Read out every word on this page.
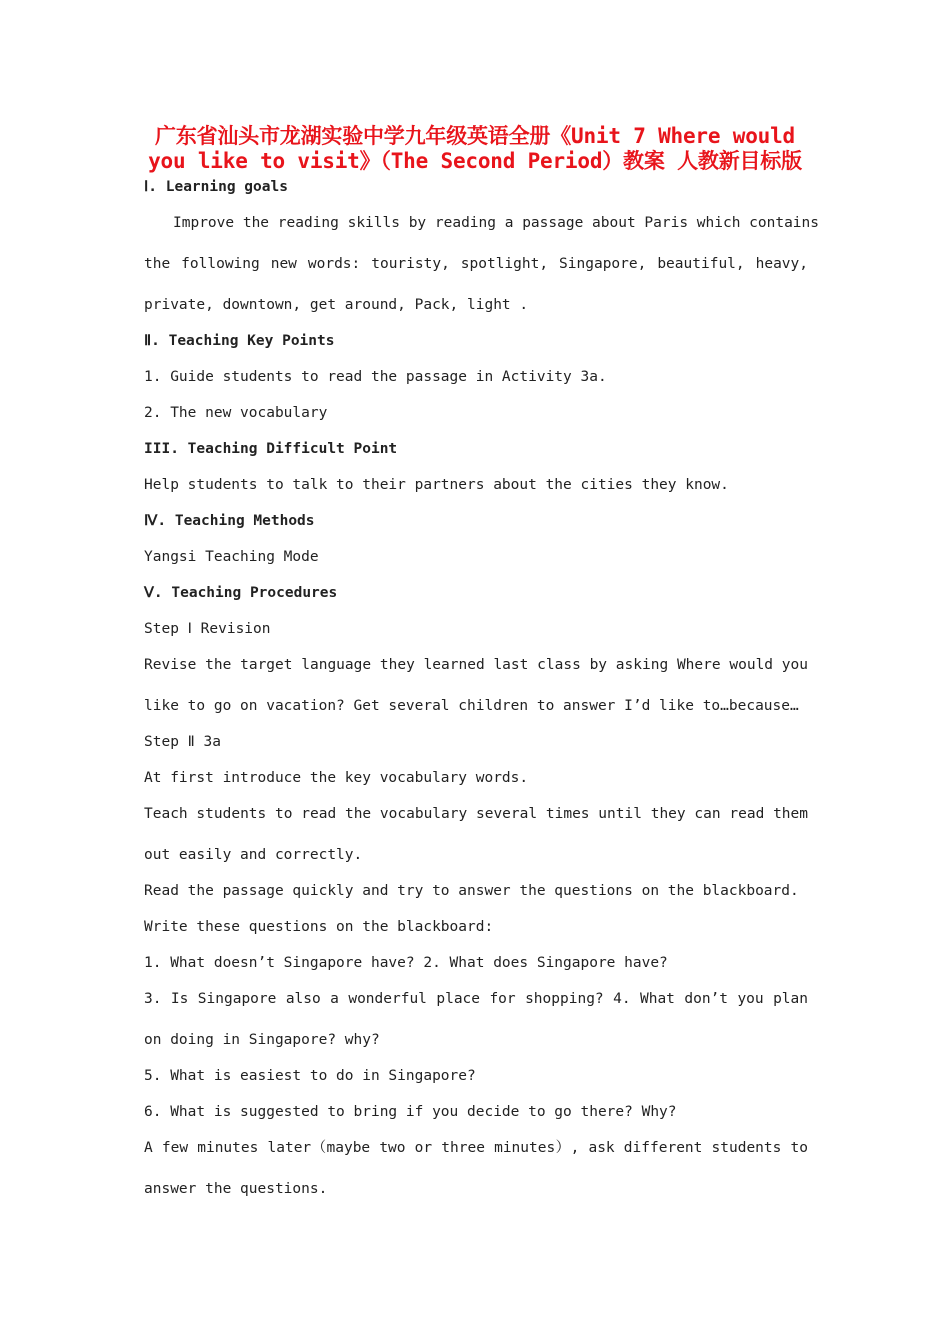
广东省汕头市龙湖实验中学九年级英语全册《Unit 7 Where would
you like to visit》（The Second Period）教案 人教新目标版
Ⅰ. Learning goals
Improve the reading skills by reading a passage about Paris which contains
the following new words: touristy, spotlight, Singapore, beautiful, heavy,
private, downtown, get around, Pack, light .
Ⅱ. Teaching Key Points
1. Guide students to read the passage in Activity 3a.
2. The new vocabulary
III. Teaching Difficult Point
Help students to talk to their partners about the cities they know.
Ⅳ. Teaching Methods
Yangsi Teaching Mode
Ⅴ. Teaching Procedures
Step Ⅰ Revision
Revise the target language they learned last class by asking Where would you
like to go on vacation? Get several children to answer I’d like to…because…
Step Ⅱ 3a
At first introduce the key vocabulary words.
Teach students to read the vocabulary several times until they can read them
out easily and correctly.
Read the passage quickly and try to answer the questions on the blackboard.
Write these questions on the blackboard:
1. What doesn’t Singapore have? 2. What does Singapore have?
3. Is Singapore also a wonderful place for shopping? 4. What don’t you plan
on doing in Singapore? why?
5. What is easiest to do in Singapore?
6. What is suggested to bring if you decide to go there? Why?
A few minutes later（maybe two or three minutes）, ask different students to
answer the questions.
